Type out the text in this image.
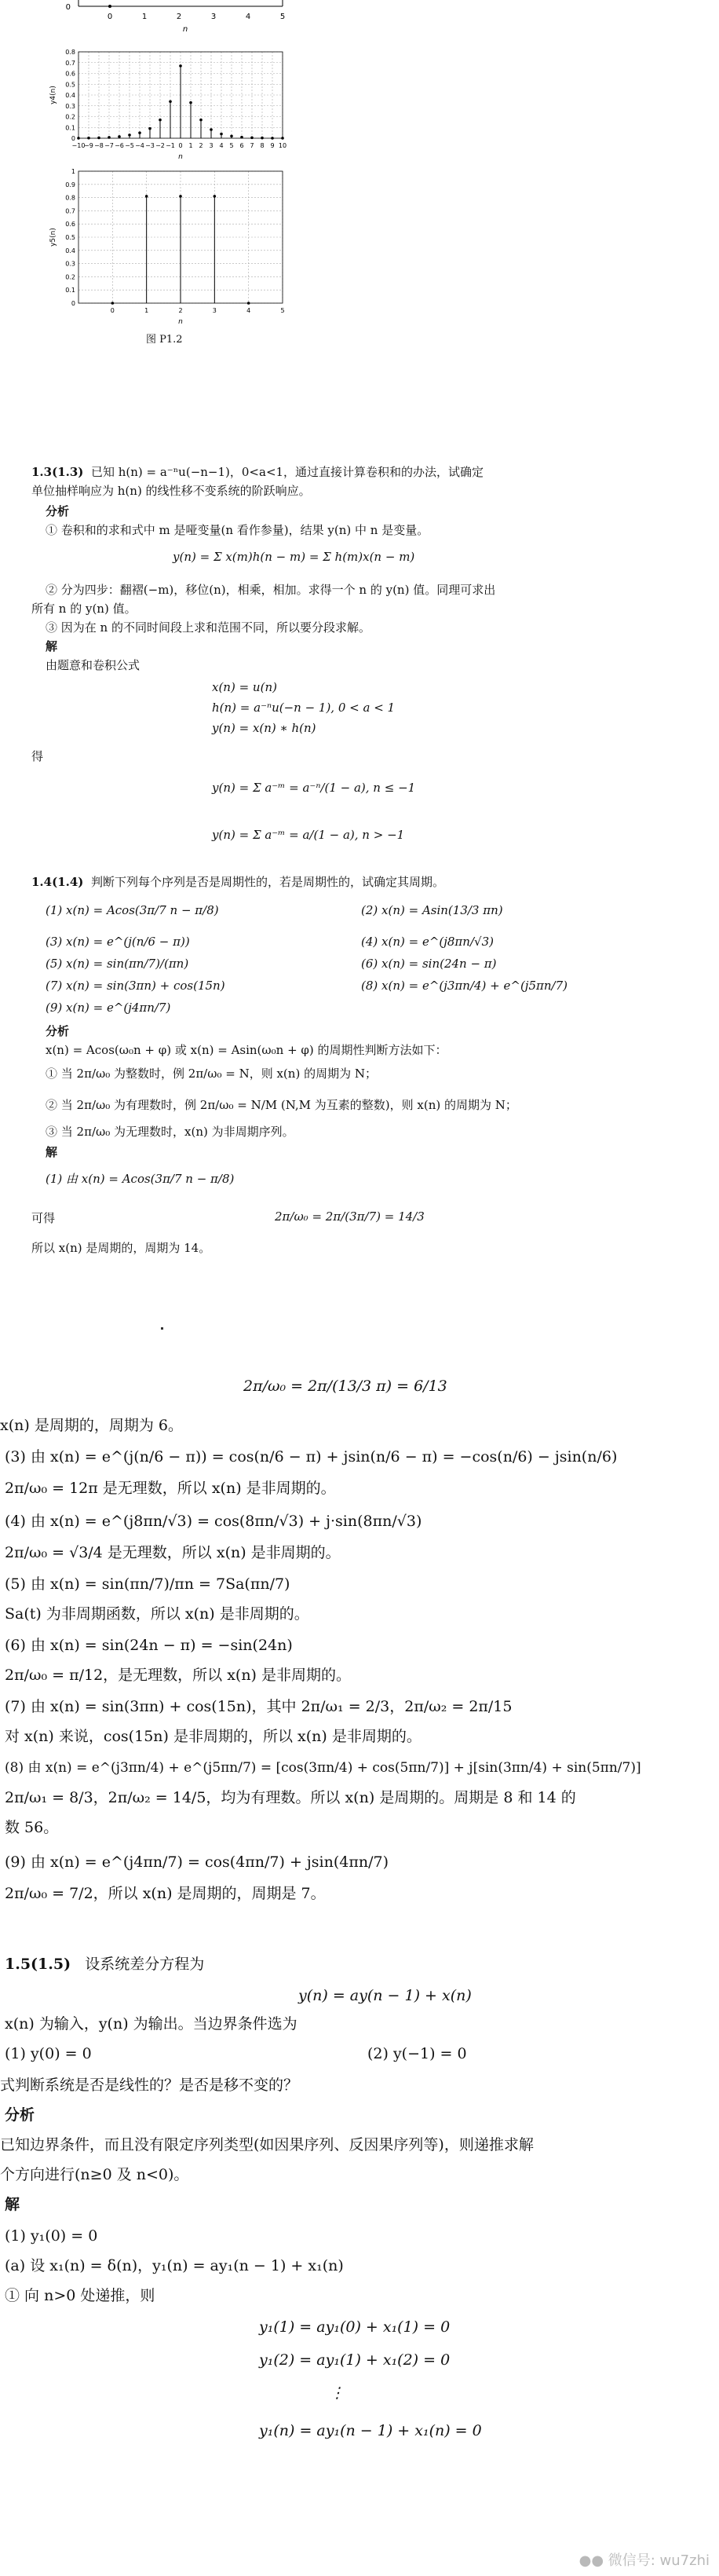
0
0	1	2	3	4	5
n
0
0.1
0.2
0.3
0.4
0.5
0.6
0.7
0.8
−10
−9 −8 −7 −6 −5 −4 −3 −2 −1 0 1 2 3 4 5 6 7 8 9 10
y4(n)
n
0
0.1
0.2
0.3
0.4
0.5
0.6
0.7
0.8
0.9
1
0	1	2	3	4	5
y5(n)
n
图 P1.2
1.3(1.3) 已知 h(n) = a⁻ⁿu(−n−1)，0<a<1，通过直接计算卷积和的办法，试确定
单位抽样响应为 h(n) 的线性移不变系统的阶跃响应。
分析
① 卷积和的求和式中 m 是哑变量(n 看作参量)，结果 y(n) 中 n 是变量。
y(n) = Σ x(m)h(n − m) = Σ h(m)x(n − m)
② 分为四步：翻褶(−m)，移位(n)，相乘，相加。求得一个 n 的 y(n) 值。同理可求出
所有 n 的 y(n) 值。
③ 因为在 n 的不同时间段上求和范围不同，所以要分段求解。
解
由题意和卷积公式
x(n) = u(n)
h(n) = a⁻ⁿu(−n − 1), 0 < a < 1
y(n) = x(n) ∗ h(n)
得
y(n) = Σ a⁻ᵐ = a⁻ⁿ/(1 − a), n ≤ −1
y(n) = Σ a⁻ᵐ = a/(1 − a), n > −1
1.4(1.4) 判断下列每个序列是否是周期性的，若是周期性的，试确定其周期。
(1) x(n) = Acos(3π/7 n − π/8)	(2) x(n) = Asin(13/3 πn)
(3) x(n) = e^(j(n/6 − π))	(4) x(n) = e^(j8πn/√3)
(5) x(n) = sin(πn/7)/(πn)	(6) x(n) = sin(24n − π)
(7) x(n) = sin(3πn) + cos(15n)	(8) x(n) = e^(j3πn/4) + e^(j5πn/7)
(9) x(n) = e^(j4πn/7)
分析
x(n) = Acos(ω₀n + φ) 或 x(n) = Asin(ω₀n + φ) 的周期性判断方法如下：
① 当 2π/ω₀ 为整数时，例 2π/ω₀ = N，则 x(n) 的周期为 N；
② 当 2π/ω₀ 为有理数时，例 2π/ω₀ = N/M (N,M 为互素的整数)，则 x(n) 的周期为 N；
③ 当 2π/ω₀ 为无理数时，x(n) 为非周期序列。
解
(1) 由 x(n) = Acos(3π/7 n − π/8)
可得	2π/ω₀ = 2π/(3π/7) = 14/3
所以 x(n) 是周期的，周期为 14。
2π/ω₀ = 2π/(13/3 π) = 6/13
x(n) 是周期的，周期为 6。
(3) 由 x(n) = e^(j(n/6 − π)) = cos(n/6 − π) + jsin(n/6 − π) = −cos(n/6) − jsin(n/6)
2π/ω₀ = 12π 是无理数，所以 x(n) 是非周期的。
(4) 由 x(n) = e^(j8πn/√3) = cos(8πn/√3) + j·sin(8πn/√3)
2π/ω₀ = √3/4 是无理数，所以 x(n) 是非周期的。
(5) 由 x(n) = sin(πn/7)/πn = 7Sa(πn/7)
Sa(t) 为非周期函数，所以 x(n) 是非周期的。
(6) 由 x(n) = sin(24n − π) = −sin(24n)
2π/ω₀ = π/12，是无理数，所以 x(n) 是非周期的。
(7) 由 x(n) = sin(3πn) + cos(15n)，其中 2π/ω₁ = 2/3，2π/ω₂ = 2π/15
对 x(n) 来说，cos(15n) 是非周期的，所以 x(n) 是非周期的。
(8) 由 x(n) = e^(j3πn/4) + e^(j5πn/7) = [cos(3πn/4) + cos(5πn/7)] + j[sin(3πn/4) + sin(5πn/7)]
2π/ω₁ = 8/3，2π/ω₂ = 14/5，均为有理数。所以 x(n) 是周期的。周期是 8 和 14 的
数 56。
(9) 由 x(n) = e^(j4πn/7) = cos(4πn/7) + jsin(4πn/7)
2π/ω₀ = 7/2，所以 x(n) 是周期的，周期是 7。
1.5(1.5) 设系统差分方程为
y(n) = ay(n − 1) + x(n)
x(n) 为输入，y(n) 为输出。当边界条件选为
(1) y(0) = 0	(2) y(−1) = 0
式判断系统是否是线性的？是否是移不变的？
分析
已知边界条件，而且没有限定序列类型(如因果序列、反因果序列等)，则递推求解
个方向进行(n≥0 及 n<0)。
解
(1) y₁(0) = 0
(a) 设 x₁(n) = δ(n)，y₁(n) = ay₁(n − 1) + x₁(n)
① 向 n>0 处递推，则
y₁(1) = ay₁(0) + x₁(1) = 0
y₁(2) = ay₁(1) + x₁(2) = 0
⋮
y₁(n) = ay₁(n − 1) + x₁(n) = 0
●● 微信号: wu7zhi
